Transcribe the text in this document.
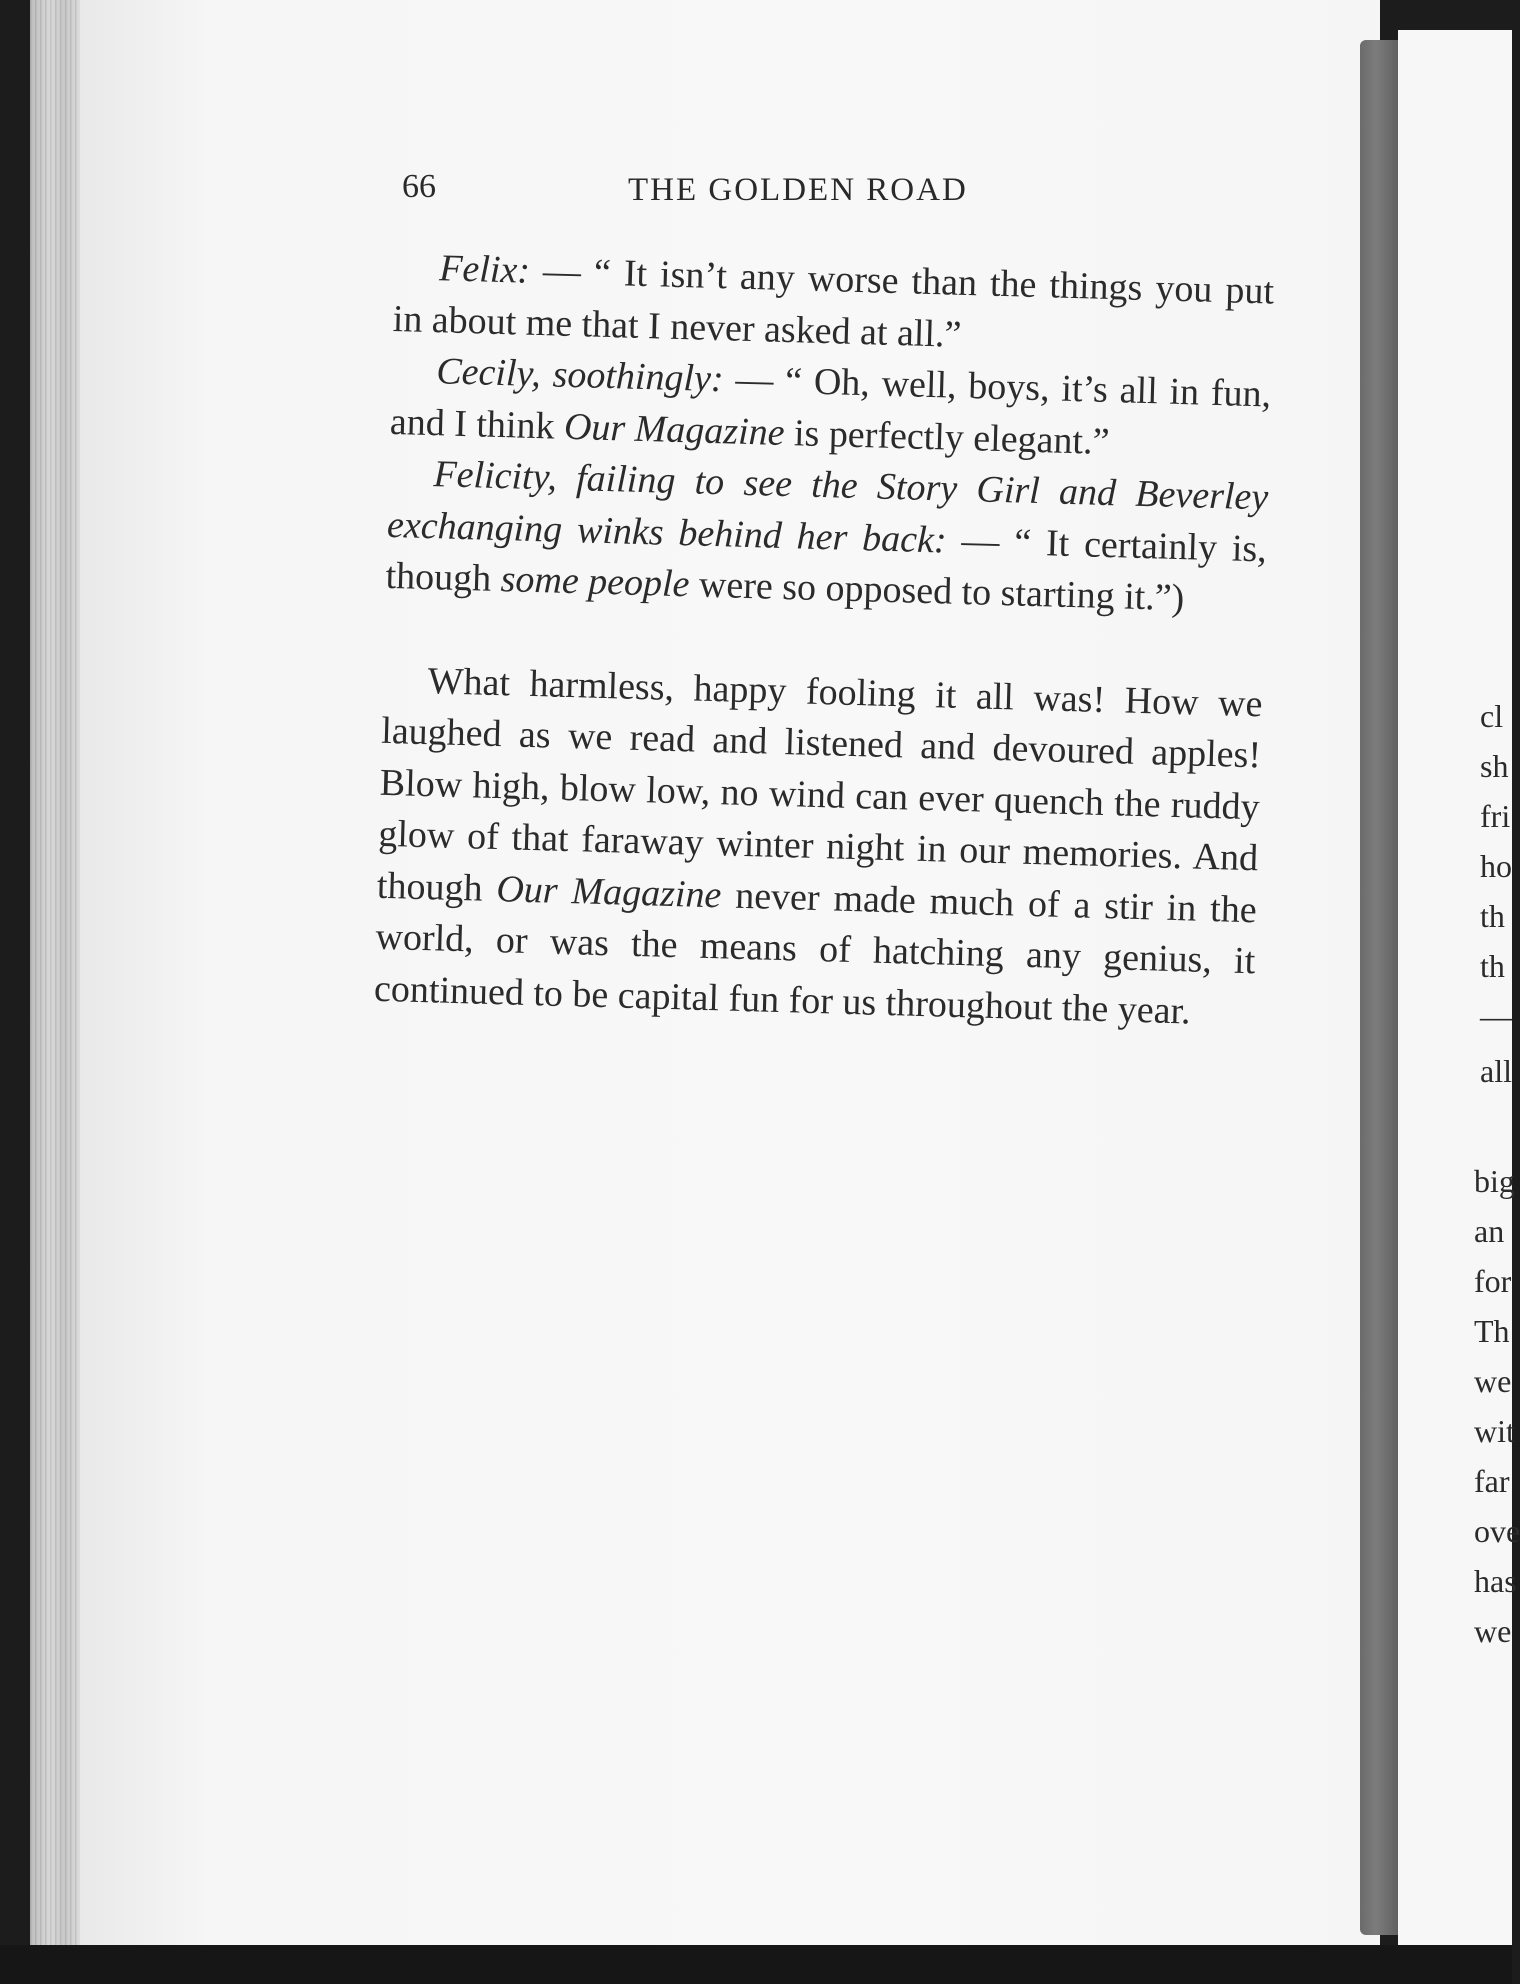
66	THE GOLDEN ROAD

Felix: — “ It isn’t any worse than the things you put in about me that I never asked at all.”

Cecily, soothingly: — “ Oh, well, boys, it’s all in fun, and I think Our Magazine is perfectly elegant.”

Felicity, failing to see the Story Girl and Beverley exchanging winks behind her back: — “ It certainly is, though some people were so opposed to starting it.”)

What harmless, happy fooling it all was! How we laughed as we read and listened and devoured apples! Blow high, blow low, no wind can ever quench the ruddy glow of that faraway winter night in our memories. And though Our Magazine never made much of a stir in the world, or was the means of hatching any genius, it continued to be capital fun for us throughout the year.

cl
sh
fri
ho
th
th
—
all
big
an
for
Th
we
wit
far
ove
has
we
